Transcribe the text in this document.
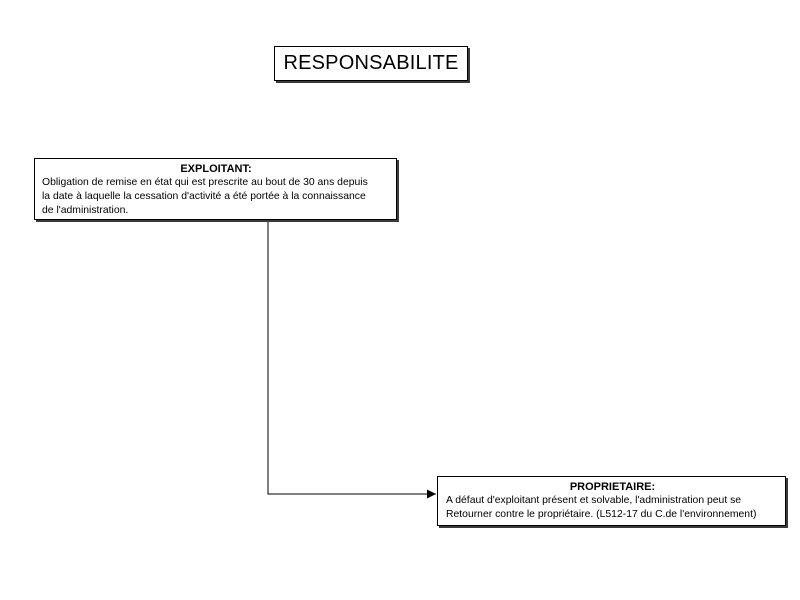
RESPONSABILITE
EXPLOITANT:
Obligation de remise en état qui est prescrite au bout de 30 ans depuis
la date à laquelle la cessation d'activité a été portée à la connaissance
de l'administration.
PROPRIETAIRE:
A défaut d'exploitant présent et solvable, l'administration peut se
Retourner contre le propriétaire. (L512-17 du C.de l'environnement)
